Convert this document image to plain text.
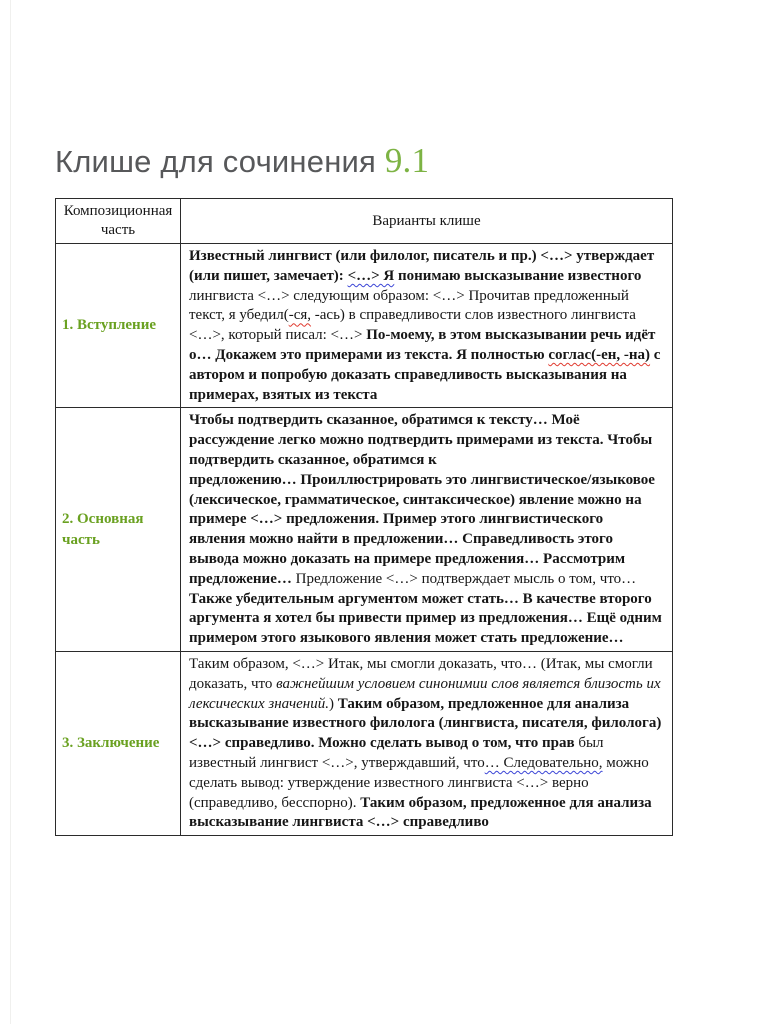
Клише для сочинения 9.1
Композиционная часть	Варианты клише
1. Вступление	Известный лингвист (или филолог, писатель и пр.) <…> утверждает (или пишет, замечает): <…> Я понимаю высказывание известного лингвиста <…> следующим образом: <…> Прочитав предложенный текст, я убедил(-ся, -ась) в справедливости слов известного лингвиста <…>, который писал: <…> По-моему, в этом высказывании речь идёт о… Докажем это примерами из текста. Я полностью соглас(-ен, -на) с автором и попробую доказать справедливость высказывания на примерах, взятых из текста
2. Основная часть	Чтобы подтвердить сказанное, обратимся к тексту… Моё рассуждение легко можно подтвердить примерами из текста. Чтобы подтвердить сказанное, обратимся к
предложению… Проиллюстрировать это лингвистическое/языковое (лексическое, грамматическое, синтаксическое) явление можно на примере <…> предложения. Пример этого лингвистического явления можно найти в предложении… Справедливость этого вывода можно доказать на примере предложения… Рассмотрим предложение… Предложение <…> подтверждает мысль о том, что… Также убедительным аргументом может стать… В качестве второго аргумента я хотел бы привести пример из предложения… Ещё одним примером этого языкового явления может стать предложение…
3. Заключение	Таким образом, <…> Итак, мы смогли доказать, что… (Итак, мы смогли доказать, что важнейшим условием синонимии слов является близость их лексических значений.) Таким образом, предложенное для анализа высказывание известного филолога (лингвиста, писателя, филолога) <…> справедливо. Можно сделать вывод о том, что прав был известный лингвист <…>, утверждавший, что… Следовательно, можно сделать вывод: утверждение известного лингвиста <…> верно (справедливо, бесспорно). Таким образом, предложенное для анализа высказывание лингвиста <…> справедливо
